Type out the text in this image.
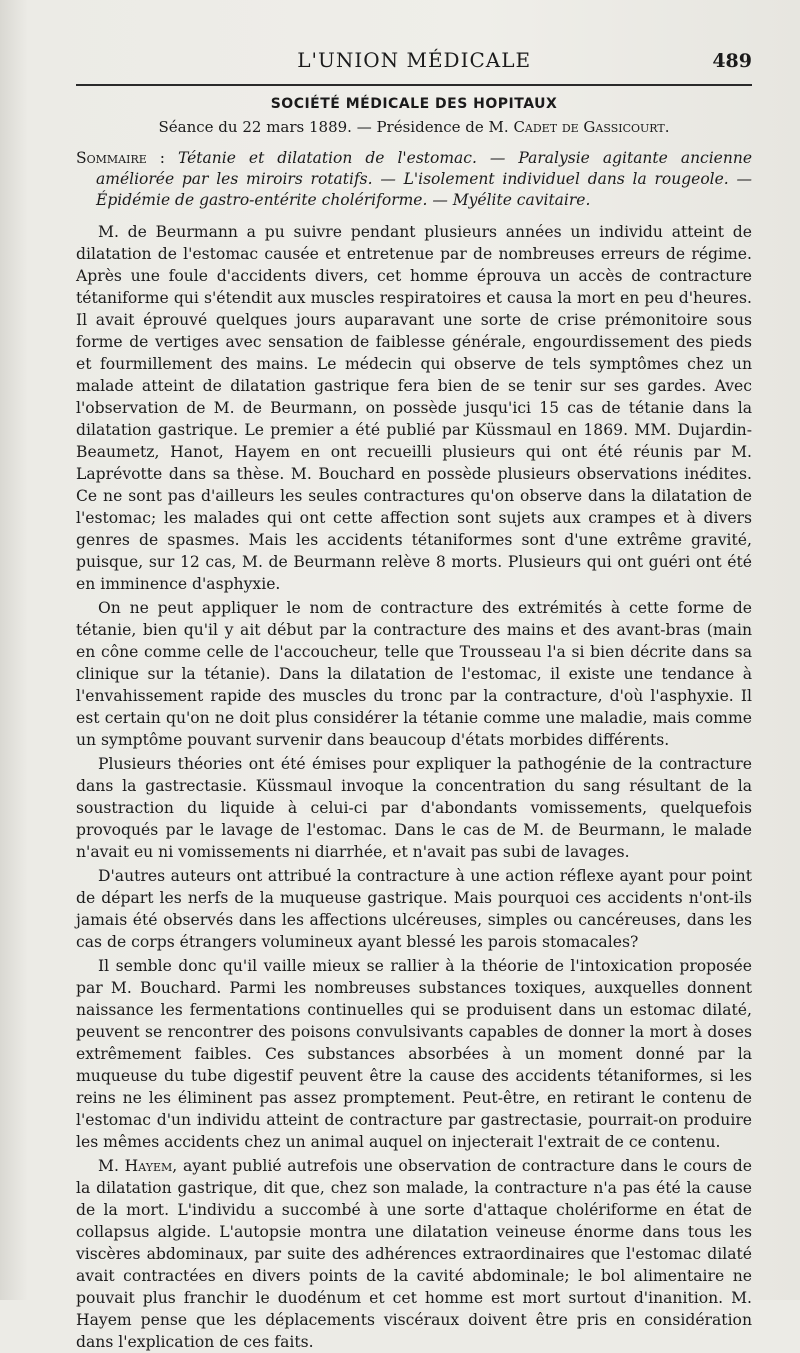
L'UNION MÉDICALE	489
SOCIÉTÉ MÉDICALE DES HOPITAUX
Séance du 22 mars 1889. — Présidence de M. Cadet de Gassicourt.
Sommaire : Tétanie et dilatation de l'estomac. — Paralysie agitante ancienne améliorée par les miroirs rotatifs. — L'isolement individuel dans la rougeole. — Épidémie de gastro-entérite cholériforme. — Myélite cavitaire.

M. de Beurmann a pu suivre pendant plusieurs années un individu atteint de dilatation de l'estomac causée et entretenue par de nombreuses erreurs de régime. Après une foule d'accidents divers, cet homme éprouva un accès de contracture tétaniforme qui s'étendit aux muscles respiratoires et causa la mort en peu d'heures. Il avait éprouvé quelques jours auparavant une sorte de crise prémonitoire sous forme de vertiges avec sensation de faiblesse générale, engourdissement des pieds et fourmillement des mains. Le médecin qui observe de tels symptômes chez un malade atteint de dilatation gastrique fera bien de se tenir sur ses gardes. Avec l'observation de M. de Beurmann, on possède jusqu'ici 15 cas de tétanie dans la dilatation gastrique. Le premier a été publié par Küssmaul en 1869. MM. Dujardin-Beaumetz, Hanot, Hayem en ont recueilli plusieurs qui ont été réunis par M. Laprévotte dans sa thèse. M. Bouchard en possède plusieurs observations inédites. Ce ne sont pas d'ailleurs les seules contractures qu'on observe dans la dilatation de l'estomac; les malades qui ont cette affection sont sujets aux crampes et à divers genres de spasmes. Mais les accidents tétaniformes sont d'une extrême gravité, puisque, sur 12 cas, M. de Beurmann relève 8 morts. Plusieurs qui ont guéri ont été en imminence d'asphyxie.

On ne peut appliquer le nom de contracture des extrémités à cette forme de tétanie, bien qu'il y ait début par la contracture des mains et des avant-bras (main en cône comme celle de l'accoucheur, telle que Trousseau l'a si bien décrite dans sa clinique sur la tétanie). Dans la dilatation de l'estomac, il existe une tendance à l'envahissement rapide des muscles du tronc par la contracture, d'où l'asphyxie. Il est certain qu'on ne doit plus considérer la tétanie comme une maladie, mais comme un symptôme pouvant survenir dans beaucoup d'états morbides différents.

Plusieurs théories ont été émises pour expliquer la pathogénie de la contracture dans la gastrectasie. Küssmaul invoque la concentration du sang résultant de la soustraction du liquide à celui-ci par d'abondants vomissements, quelquefois provoqués par le lavage de l'estomac. Dans le cas de M. de Beurmann, le malade n'avait eu ni vomissements ni diarrhée, et n'avait pas subi de lavages.

D'autres auteurs ont attribué la contracture à une action réflexe ayant pour point de départ les nerfs de la muqueuse gastrique. Mais pourquoi ces accidents n'ont-ils jamais été observés dans les affections ulcéreuses, simples ou cancéreuses, dans les cas de corps étrangers volumineux ayant blessé les parois stomacales?

Il semble donc qu'il vaille mieux se rallier à la théorie de l'intoxication proposée par M. Bouchard. Parmi les nombreuses substances toxiques, auxquelles donnent naissance les fermentations continuelles qui se produisent dans un estomac dilaté, peuvent se rencontrer des poisons convulsivants capables de donner la mort à doses extrêmement faibles. Ces substances absorbées à un moment donné par la muqueuse du tube digestif peuvent être la cause des accidents tétaniformes, si les reins ne les éliminent pas assez promptement. Peut-être, en retirant le contenu de l'estomac d'un individu atteint de contracture par gastrectasie, pourrait-on produire les mêmes accidents chez un animal auquel on injecterait l'extrait de ce contenu.

M. Hayem, ayant publié autrefois une observation de contracture dans le cours de la dilatation gastrique, dit que, chez son malade, la contracture n'a pas été la cause de la mort. L'individu a succombé à une sorte d'attaque cholériforme en état de collapsus algide. L'autopsie montra une dilatation veineuse énorme dans tous les viscères abdominaux, par suite des adhérences extraordinaires que l'estomac dilaté avait contractées en divers points de la cavité abdominale; le bol alimentaire ne pouvait plus franchir le duodénum et cet homme est mort surtout d'inanition. M. Hayem pense que les déplacements viscéraux doivent être pris en considération dans l'explication de ces faits.
